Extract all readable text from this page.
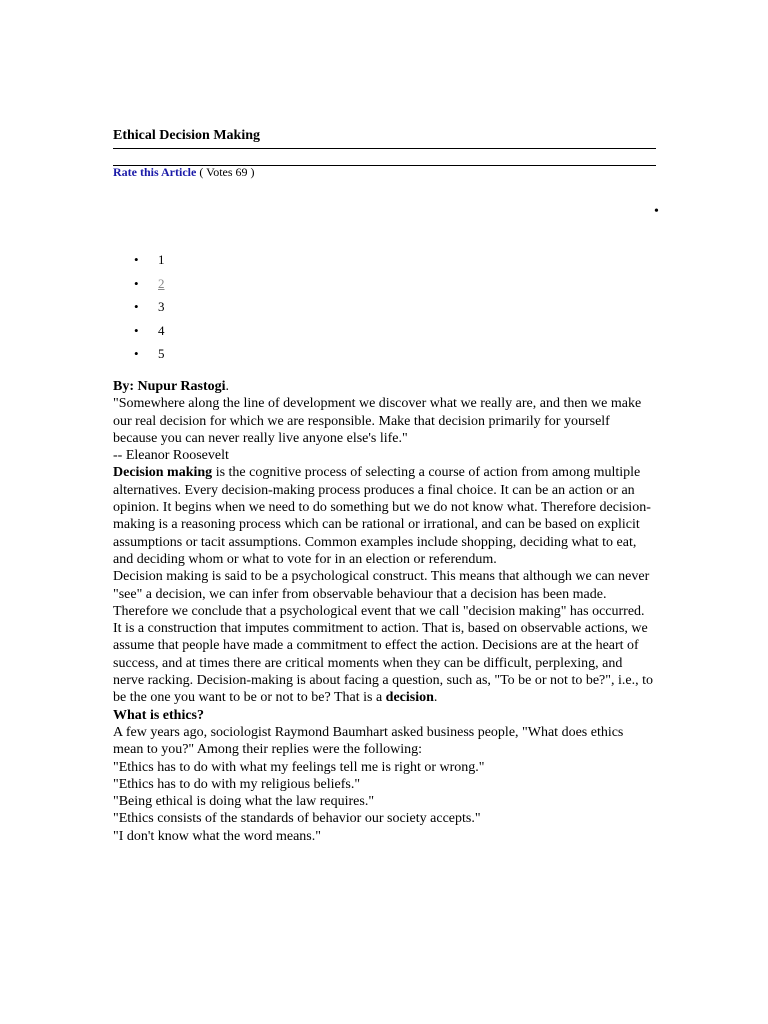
Ethical Decision Making
Rate this Article ( Votes 69 )
•
•	1
•	2
•	3
•	4
•	5

By: Nupur Rastogi.

"Somewhere along the line of development we discover what we really are, and then we make our real decision for which we are responsible. Make that decision primarily for yourself because you can never really live anyone else's life."

-- Eleanor Roosevelt

Decision making is the cognitive process of selecting a course of action from among multiple alternatives. Every decision-making process produces a final choice. It can be an action or an opinion. It begins when we need to do something but we do not know what. Therefore decision-making is a reasoning process which can be rational or irrational, and can be based on explicit assumptions or tacit assumptions. Common examples include shopping, deciding what to eat, and deciding whom or what to vote for in an election or referendum.

Decision making is said to be a psychological construct. This means that although we can never "see" a decision, we can infer from observable behaviour that a decision has been made. Therefore we conclude that a psychological event that we call "decision making" has occurred. It is a construction that imputes commitment to action. That is, based on observable actions, we assume that people have made a commitment to effect the action. Decisions are at the heart of success, and at times there are critical moments when they can be difficult, perplexing, and nerve racking. Decision-making is about facing a question, such as, "To be or not to be?", i.e., to be the one you want to be or not to be? That is a decision.

What is ethics?

A few years ago, sociologist Raymond Baumhart asked business people, "What does ethics mean to you?" Among their replies were the following:

"Ethics has to do with what my feelings tell me is right or wrong."

"Ethics has to do with my religious beliefs."

"Being ethical is doing what the law requires."

"Ethics consists of the standards of behavior our society accepts."

"I don't know what the word means."
